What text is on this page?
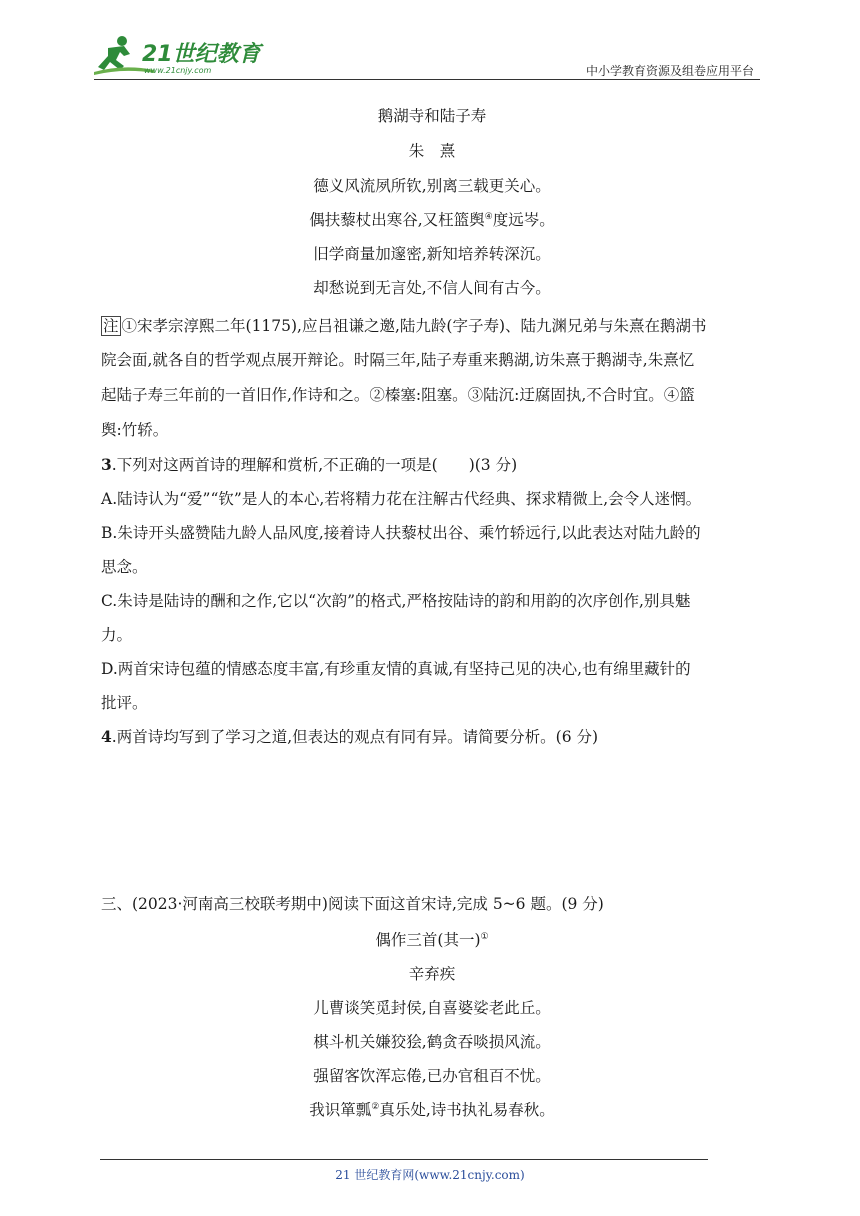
21世纪教育
www.21cnjy.com	中小学教育资源及组卷应用平台
鹅湖寺和陆子寿
朱　熹
德义风流夙所钦,别离三载更关心。
偶扶藜杖出寒谷,又枉篮舆④度远岑。
旧学商量加邃密,新知培养转深沉。
却愁说到无言处,不信人间有古今。
注 ①宋孝宗淳熙二年(1175),应吕祖谦之邀,陆九龄(字子寿)、陆九渊兄弟与朱熹在鹅湖书
院会面,就各自的哲学观点展开辩论。时隔三年,陆子寿重来鹅湖,访朱熹于鹅湖寺,朱熹忆
起陆子寿三年前的一首旧作,作诗和之。②榛塞:阻塞。③陆沉:迂腐固执,不合时宜。④篮
舆:竹轿。
3.下列对这两首诗的理解和赏析,不正确的一项是(　　)(3 分)
A.陆诗认为“爱”“钦”是人的本心,若将精力花在注解古代经典、探求精微上,会令人迷惘。
B.朱诗开头盛赞陆九龄人品风度,接着诗人扶藜杖出谷、乘竹轿远行,以此表达对陆九龄的
思念。
C.朱诗是陆诗的酬和之作,它以“次韵”的格式,严格按陆诗的韵和用韵的次序创作,别具魅
力。
D.两首宋诗包蕴的情感态度丰富,有珍重友情的真诚,有坚持己见的决心,也有绵里藏针的
批评。
4.两首诗均写到了学习之道,但表达的观点有同有异。请简要分析。(6 分)
三、(2023·河南高三校联考期中)阅读下面这首宋诗,完成 5~6 题。(9 分)
偶作三首(其一)①
辛弃疾
儿曹谈笑觅封侯,自喜婆娑老此丘。
棋斗机关嫌狡狯,鹤贪吞啖损风流。
强留客饮浑忘倦,已办官租百不忧。
我识箪瓢②真乐处,诗书执礼易春秋。
21 世纪教育网(www.21cnjy.com)
